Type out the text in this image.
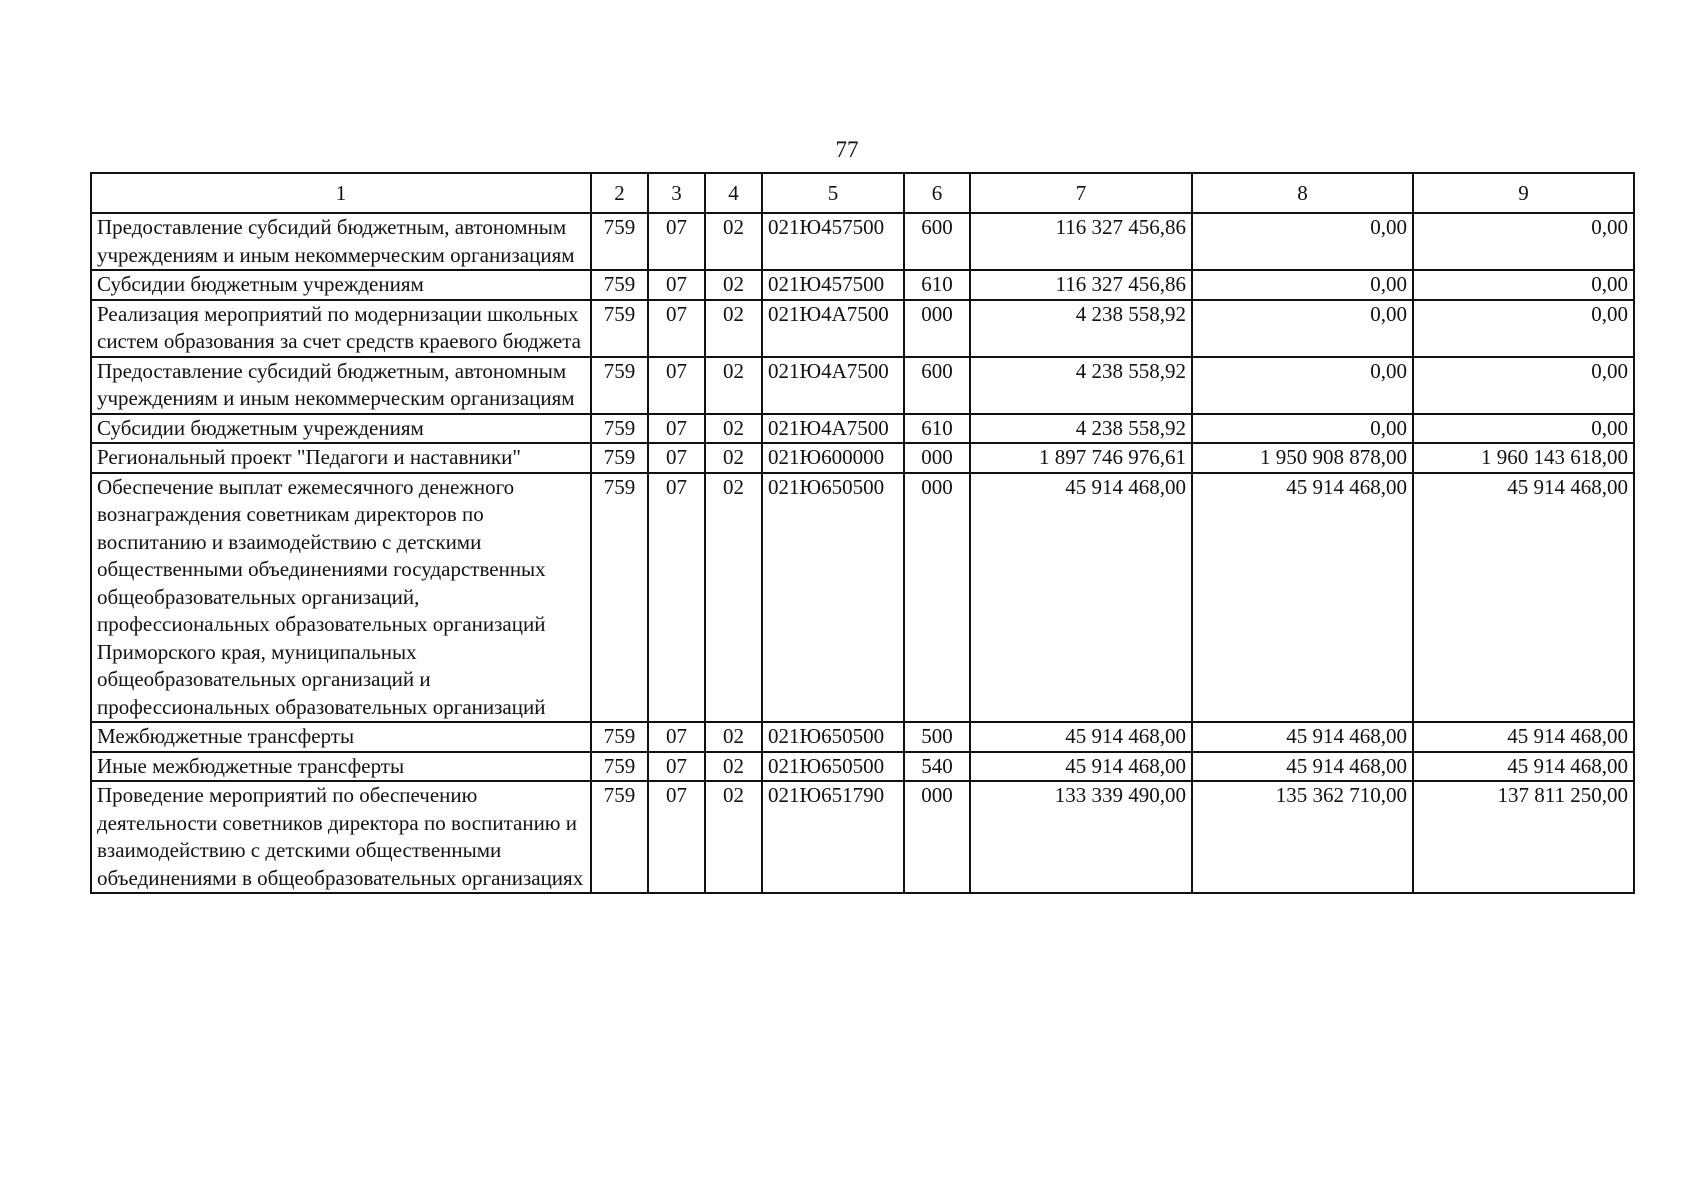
77
1	2	3	4	5	6	7	8	9
Предоставление субсидий бюджетным, автономным учреждениям и иным некоммерческим организациям	759	07	02	021Ю457500	600	116 327 456,86	0,00	0,00
Субсидии бюджетным учреждениям	759	07	02	021Ю457500	610	116 327 456,86	0,00	0,00
Реализация мероприятий по модернизации школьных систем образования за счет средств краевого бюджета	759	07	02	021Ю4А7500	000	4 238 558,92	0,00	0,00
Предоставление субсидий бюджетным, автономным учреждениям и иным некоммерческим организациям	759	07	02	021Ю4А7500	600	4 238 558,92	0,00	0,00
Субсидии бюджетным учреждениям	759	07	02	021Ю4А7500	610	4 238 558,92	0,00	0,00
Региональный проект "Педагоги и наставники"	759	07	02	021Ю600000	000	1 897 746 976,61	1 950 908 878,00	1 960 143 618,00
Обеспечение выплат ежемесячного денежного вознаграждения советникам директоров по воспитанию и взаимодействию с детскими общественными объединениями государственных общеобразовательных организаций, профессиональных образовательных организаций Приморского края, муниципальных общеобразовательных организаций и профессиональных образовательных организаций	759	07	02	021Ю650500	000	45 914 468,00	45 914 468,00	45 914 468,00
Межбюджетные трансферты	759	07	02	021Ю650500	500	45 914 468,00	45 914 468,00	45 914 468,00
Иные межбюджетные трансферты	759	07	02	021Ю650500	540	45 914 468,00	45 914 468,00	45 914 468,00
Проведение мероприятий по обеспечению деятельности советников директора по воспитанию и взаимодействию с детскими общественными объединениями в общеобразовательных организациях	759	07	02	021Ю651790	000	133 339 490,00	135 362 710,00	137 811 250,00
